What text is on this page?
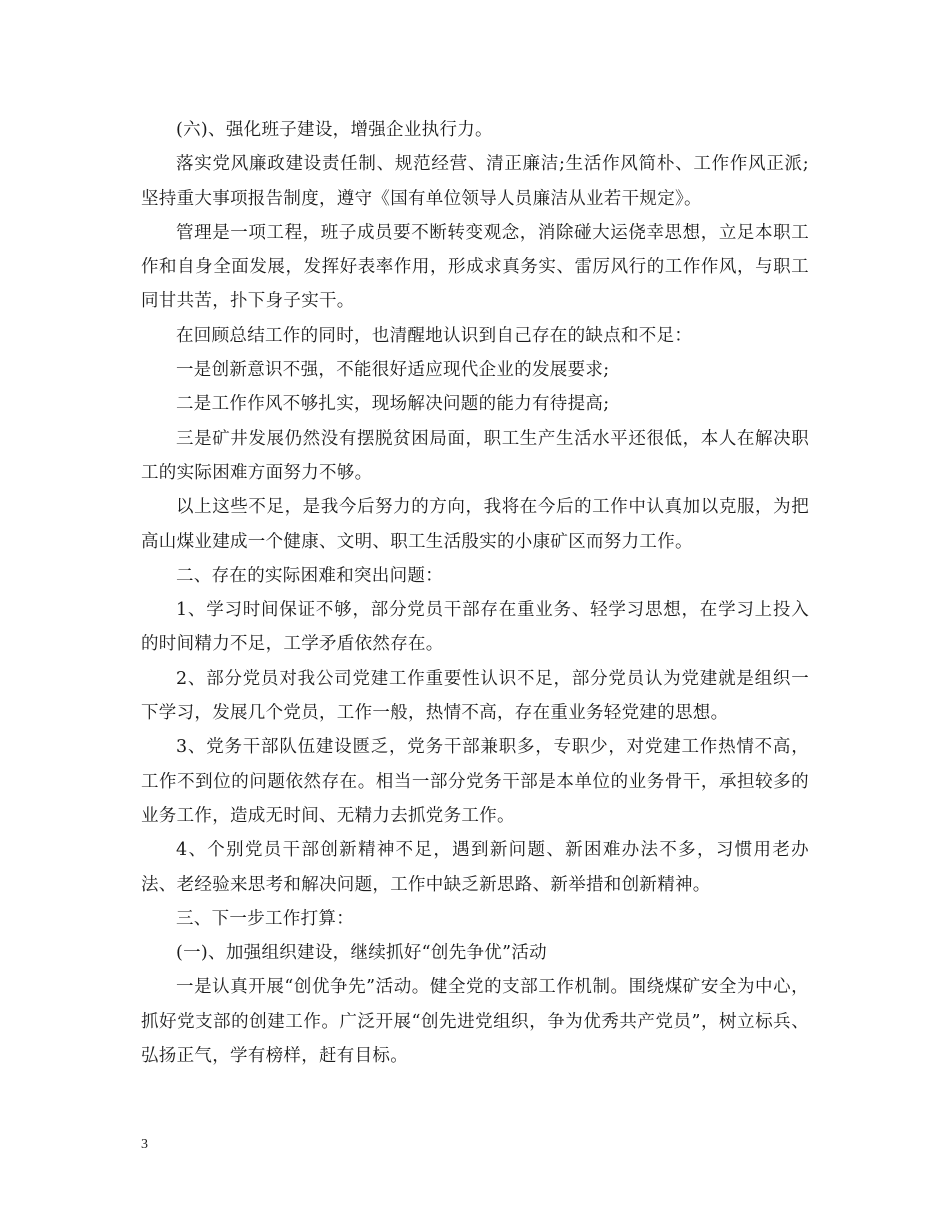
(六)、强化班子建设，增强企业执行力。

落实党风廉政建设责任制、规范经营、清正廉洁;生活作风简朴、工作作风正派;坚持重大事项报告制度，遵守《国有单位领导人员廉洁从业若干规定》。

管理是一项工程，班子成员要不断转变观念，消除碰大运侥幸思想，立足本职工作和自身全面发展，发挥好表率作用，形成求真务实、雷厉风行的工作作风，与职工同甘共苦，扑下身子实干。

在回顾总结工作的同时，也清醒地认识到自己存在的缺点和不足：

一是创新意识不强，不能很好适应现代企业的发展要求;

二是工作作风不够扎实，现场解决问题的能力有待提高;

三是矿井发展仍然没有摆脱贫困局面，职工生产生活水平还很低，本人在解决职工的实际困难方面努力不够。

以上这些不足，是我今后努力的方向，我将在今后的工作中认真加以克服，为把高山煤业建成一个健康、文明、职工生活殷实的小康矿区而努力工作。

二、存在的实际困难和突出问题：

1、学习时间保证不够，部分党员干部存在重业务、轻学习思想，在学习上投入的时间精力不足，工学矛盾依然存在。

2、部分党员对我公司党建工作重要性认识不足，部分党员认为党建就是组织一下学习，发展几个党员，工作一般，热情不高，存在重业务轻党建的思想。

3、党务干部队伍建设匮乏，党务干部兼职多，专职少，对党建工作热情不高，工作不到位的问题依然存在。相当一部分党务干部是本单位的业务骨干，承担较多的业务工作，造成无时间、无精力去抓党务工作。

4、个别党员干部创新精神不足，遇到新问题、新困难办法不多，习惯用老办法、老经验来思考和解决问题，工作中缺乏新思路、新举措和创新精神。

三、下一步工作打算：

(一)、加强组织建设，继续抓好“创先争优”活动

一是认真开展“创优争先”活动。健全党的支部工作机制。围绕煤矿安全为中心，抓好党支部的创建工作。广泛开展“创先进党组织，争为优秀共产党员”，树立标兵、弘扬正气，学有榜样，赶有目标。

3
